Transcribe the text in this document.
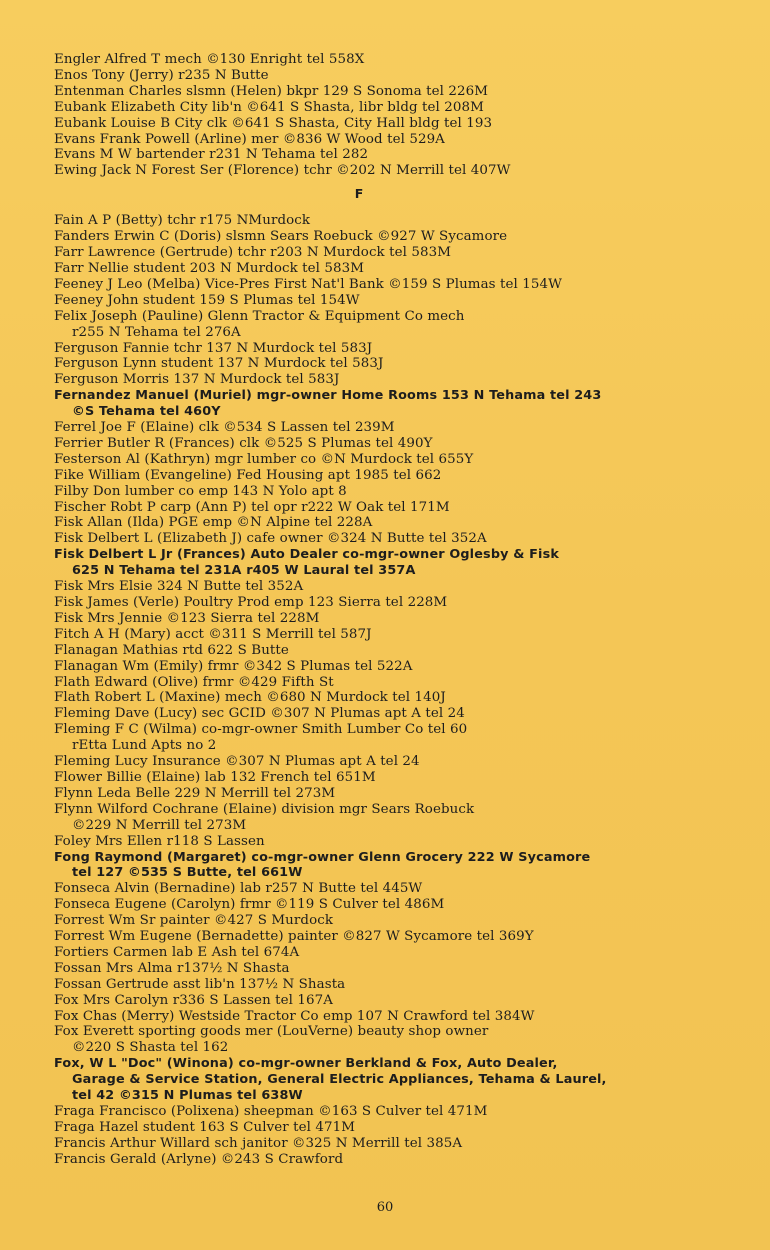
Engler Alfred T mech ©130 Enright tel 558X
Enos Tony (Jerry) r235 N Butte
Entenman Charles slsmn (Helen) bkpr 129 S Sonoma tel 226M
Eubank Elizabeth City lib'n ©641 S Shasta, libr bldg tel 208M
Eubank Louise B City clk ©641 S Shasta, City Hall bldg tel 193
Evans Frank Powell (Arline) mer ©836 W Wood tel 529A
Evans M W bartender r231 N Tehama tel 282
Ewing Jack N Forest Ser (Florence) tchr ©202 N Merrill tel 407W
F
Fain A P (Betty) tchr r175 NMurdock
Fanders Erwin C (Doris) slsmn Sears Roebuck ©927 W Sycamore
Farr Lawrence (Gertrude) tchr r203 N Murdock tel 583M
Farr Nellie student 203 N Murdock tel 583M
Feeney J Leo (Melba) Vice-Pres First Nat'l Bank ©159 S Plumas tel 154W
Feeney John student 159 S Plumas tel 154W
Felix Joseph (Pauline) Glenn Tractor & Equipment Co mech
r255 N Tehama tel 276A
Ferguson Fannie tchr 137 N Murdock tel 583J
Ferguson Lynn student 137 N Murdock tel 583J
Ferguson Morris 137 N Murdock tel 583J
Fernandez Manuel (Muriel) mgr-owner Home Rooms 153 N Tehama tel 243
©S Tehama tel 460Y
Ferrel Joe F (Elaine) clk ©534 S Lassen tel 239M
Ferrier Butler R (Frances) clk ©525 S Plumas tel 490Y
Festerson Al (Kathryn) mgr lumber co ©N Murdock tel 655Y
Fike William (Evangeline) Fed Housing apt 1985 tel 662
Filby Don lumber co emp 143 N Yolo apt 8
Fischer Robt P carp (Ann P) tel opr r222 W Oak tel 171M
Fisk Allan (Ilda) PGE emp ©N Alpine tel 228A
Fisk Delbert L (Elizabeth J) cafe owner ©324 N Butte tel 352A
Fisk Delbert L Jr (Frances) Auto Dealer co-mgr-owner Oglesby & Fisk
625 N Tehama tel 231A r405 W Laural tel 357A
Fisk Mrs Elsie 324 N Butte tel 352A
Fisk James (Verle) Poultry Prod emp 123 Sierra tel 228M
Fisk Mrs Jennie ©123 Sierra tel 228M
Fitch A H (Mary) acct ©311 S Merrill tel 587J
Flanagan Mathias rtd 622 S Butte
Flanagan Wm (Emily) frmr ©342 S Plumas tel 522A
Flath Edward (Olive) frmr ©429 Fifth St
Flath Robert L (Maxine) mech ©680 N Murdock tel 140J
Fleming Dave (Lucy) sec GCID ©307 N Plumas apt A tel 24
Fleming F C (Wilma) co-mgr-owner Smith Lumber Co tel 60
rEtta Lund Apts no 2
Fleming Lucy Insurance ©307 N Plumas apt A tel 24
Flower Billie (Elaine) lab 132 French tel 651M
Flynn Leda Belle 229 N Merrill tel 273M
Flynn Wilford Cochrane (Elaine) division mgr Sears Roebuck
©229 N Merrill tel 273M
Foley Mrs Ellen r118 S Lassen
Fong Raymond (Margaret) co-mgr-owner Glenn Grocery 222 W Sycamore
tel 127 ©535 S Butte, tel 661W
Fonseca Alvin (Bernadine) lab r257 N Butte tel 445W
Fonseca Eugene (Carolyn) frmr ©119 S Culver tel 486M
Forrest Wm Sr painter ©427 S Murdock
Forrest Wm Eugene (Bernadette) painter ©827 W Sycamore tel 369Y
Fortiers Carmen lab E Ash tel 674A
Fossan Mrs Alma r137½ N Shasta
Fossan Gertrude asst lib'n 137½ N Shasta
Fox Mrs Carolyn r336 S Lassen tel 167A
Fox Chas (Merry) Westside Tractor Co emp 107 N Crawford tel 384W
Fox Everett sporting goods mer (LouVerne) beauty shop owner
©220 S Shasta tel 162
Fox, W L "Doc" (Winona) co-mgr-owner Berkland & Fox, Auto Dealer,
Garage & Service Station, General Electric Appliances, Tehama & Laurel,
tel 42 ©315 N Plumas tel 638W
Fraga Francisco (Polixena) sheepman ©163 S Culver tel 471M
Fraga Hazel student 163 S Culver tel 471M
Francis Arthur Willard sch janitor ©325 N Merrill tel 385A
Francis Gerald (Arlyne) ©243 S Crawford
60
